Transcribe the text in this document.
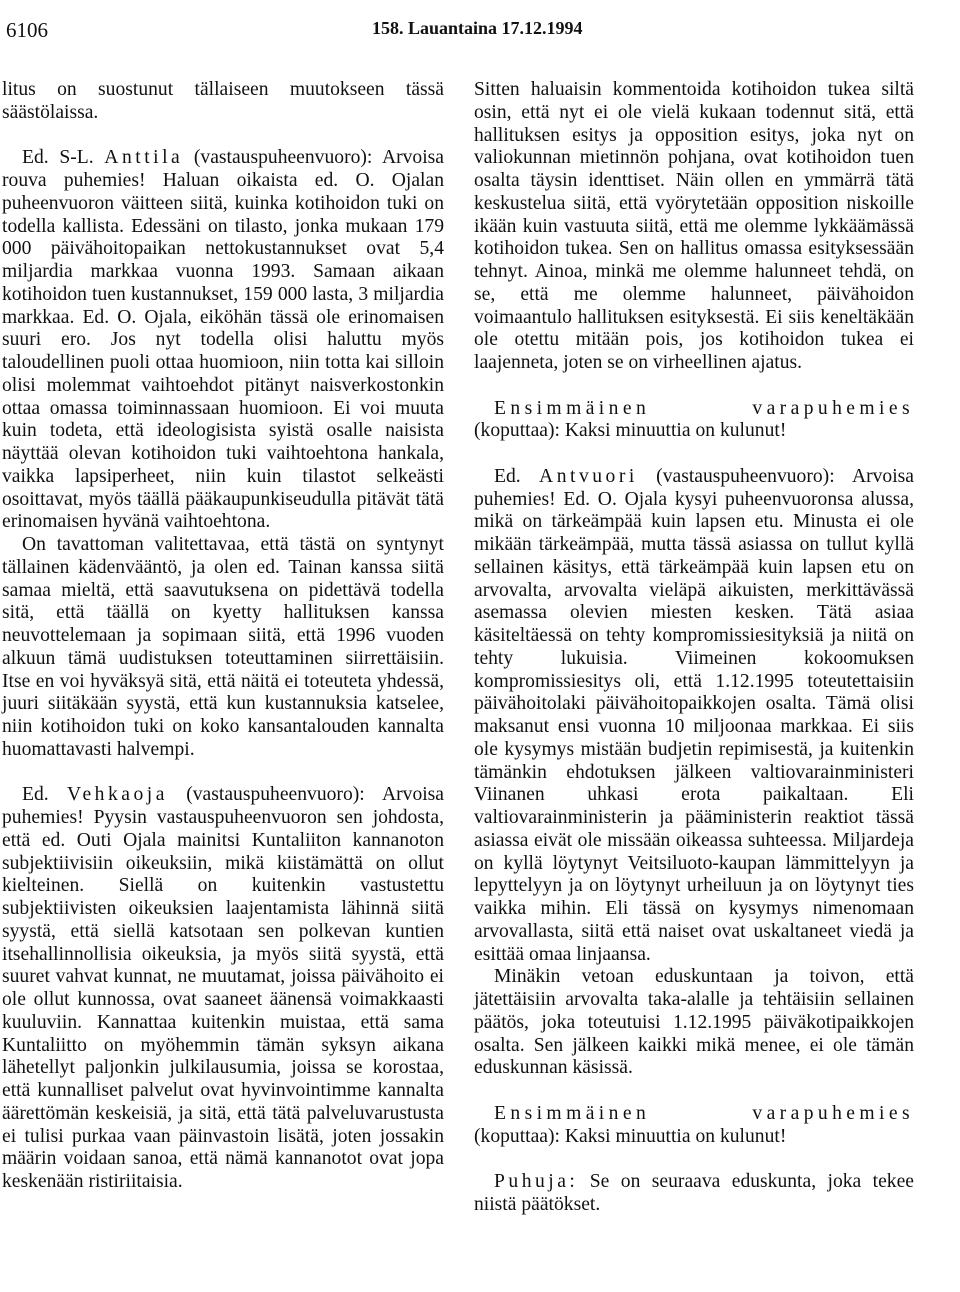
6106	158. Lauantaina 17.12.1994

litus on suostunut tällaiseen muutokseen tässä säästölaissa.

Ed. S-L. Anttila (vastauspuheenvuoro): Arvoisa rouva puhemies! Haluan oikaista ed. O. Ojalan puheenvuoron väitteen siitä, kuinka kotihoidon tuki on todella kallista. Edessäni on tilasto, jonka mukaan 179 000 päivähoitopaikan nettokustannukset ovat 5,4 miljardia markkaa vuonna 1993. Samaan aikaan kotihoidon tuen kustannukset, 159 000 lasta, 3 miljardia markkaa. Ed. O. Ojala, eiköhän tässä ole erinomaisen suuri ero. Jos nyt todella olisi haluttu myös taloudellinen puoli ottaa huomioon, niin totta kai silloin olisi molemmat vaihtoehdot pitänyt naisverkostonkin ottaa omassa toiminnassaan huomioon. Ei voi muuta kuin todeta, että ideologisista syistä osalle naisista näyttää olevan kotihoidon tuki vaihtoehtona hankala, vaikka lapsiperheet, niin kuin tilastot selkeästi osoittavat, myös täällä pääkaupunkiseudulla pitävät tätä erinomaisen hyvänä vaihtoehtona.

On tavattoman valitettavaa, että tästä on syntynyt tällainen kädenvääntö, ja olen ed. Tainan kanssa siitä samaa mieltä, että saavutuksena on pidettävä todella sitä, että täällä on kyetty hallituksen kanssa neuvottelemaan ja sopimaan siitä, että 1996 vuoden alkuun tämä uudistuksen toteuttaminen siirrettäisiin. Itse en voi hyväksyä sitä, että näitä ei toteuteta yhdessä, juuri siitäkään syystä, että kun kustannuksia katselee, niin kotihoidon tuki on koko kansantalouden kannalta huomattavasti halvempi.

Ed. Vehkaoja (vastauspuheenvuoro): Arvoisa puhemies! Pyysin vastauspuheenvuoron sen johdosta, että ed. Outi Ojala mainitsi Kuntaliiton kannanoton subjektiivisiin oikeuksiin, mikä kiistämättä on ollut kielteinen. Siellä on kuitenkin vastustettu subjektiivisten oikeuksien laajentamista lähinnä siitä syystä, että siellä katsotaan sen polkevan kuntien itsehallinnollisia oikeuksia, ja myös siitä syystä, että suuret vahvat kunnat, ne muutamat, joissa päivähoito ei ole ollut kunnossa, ovat saaneet äänensä voimakkaasti kuuluviin. Kannattaa kuitenkin muistaa, että sama Kuntaliitto on myöhemmin tämän syksyn aikana lähetellyt paljonkin julkilausumia, joissa se korostaa, että kunnalliset palvelut ovat hyvinvointimme kannalta äärettömän keskeisiä, ja sitä, että tätä palveluvarustusta ei tulisi purkaa vaan päinvastoin lisätä, joten jossakin määrin voidaan sanoa, että nämä kannanotot ovat jopa keskenään ristiriitaisia.

Sitten haluaisin kommentoida kotihoidon tukea siltä osin, että nyt ei ole vielä kukaan todennut sitä, että hallituksen esitys ja opposition esitys, joka nyt on valiokunnan mietinnön pohjana, ovat kotihoidon tuen osalta täysin identtiset. Näin ollen en ymmärrä tätä keskustelua siitä, että vyörytetään opposition niskoille ikään kuin vastuuta siitä, että me olemme lykkäämässä kotihoidon tukea. Sen on hallitus omassa esityksessään tehnyt. Ainoa, minkä me olemme halunneet tehdä, on se, että me olemme halunneet, päivähoidon voimaantulo hallituksen esityksestä. Ei siis keneltäkään ole otettu mitään pois, jos kotihoidon tukea ei laajenneta, joten se on virheellinen ajatus.

Ensimmäinen varapuhemies

(koputtaa): Kaksi minuuttia on kulunut!

Ed. Antvuori (vastauspuheenvuoro): Arvoisa puhemies! Ed. O. Ojala kysyi puheenvuoronsa alussa, mikä on tärkeämpää kuin lapsen etu. Minusta ei ole mikään tärkeämpää, mutta tässä asiassa on tullut kyllä sellainen käsitys, että tärkeämpää kuin lapsen etu on arvovalta, arvovalta vieläpä aikuisten, merkittävässä asemassa olevien miesten kesken. Tätä asiaa käsiteltäessä on tehty kompromissiesityksiä ja niitä on tehty lukuisia. Viimeinen kokoomuksen kompromissiesitys oli, että 1.12.1995 toteutettaisiin päivähoitolaki päivähoitopaikkojen osalta. Tämä olisi maksanut ensi vuonna 10 miljoonaa markkaa. Ei siis ole kysymys mistään budjetin repimisestä, ja kuitenkin tämänkin ehdotuksen jälkeen valtiovarainministeri Viinanen uhkasi erota paikaltaan. Eli valtiovarainministerin ja pääministerin reaktiot tässä asiassa eivät ole missään oikeassa suhteessa. Miljardeja on kyllä löytynyt Veitsiluoto-kaupan lämmittelyyn ja lepyttelyyn ja on löytynyt urheiluun ja on löytynyt ties vaikka mihin. Eli tässä on kysymys nimenomaan arvovallasta, siitä että naiset ovat uskaltaneet viedä ja esittää omaa linjaansa.

Minäkin vetoan eduskuntaan ja toivon, että jätettäisiin arvovalta taka-alalle ja tehtäisiin sellainen päätös, joka toteutuisi 1.12.1995 päiväkotipaikkojen osalta. Sen jälkeen kaikki mikä menee, ei ole tämän eduskunnan käsissä.

Ensimmäinen varapuhemies

(koputtaa): Kaksi minuuttia on kulunut!

Puhuja: Se on seuraava eduskunta, joka tekee niistä päätökset.
